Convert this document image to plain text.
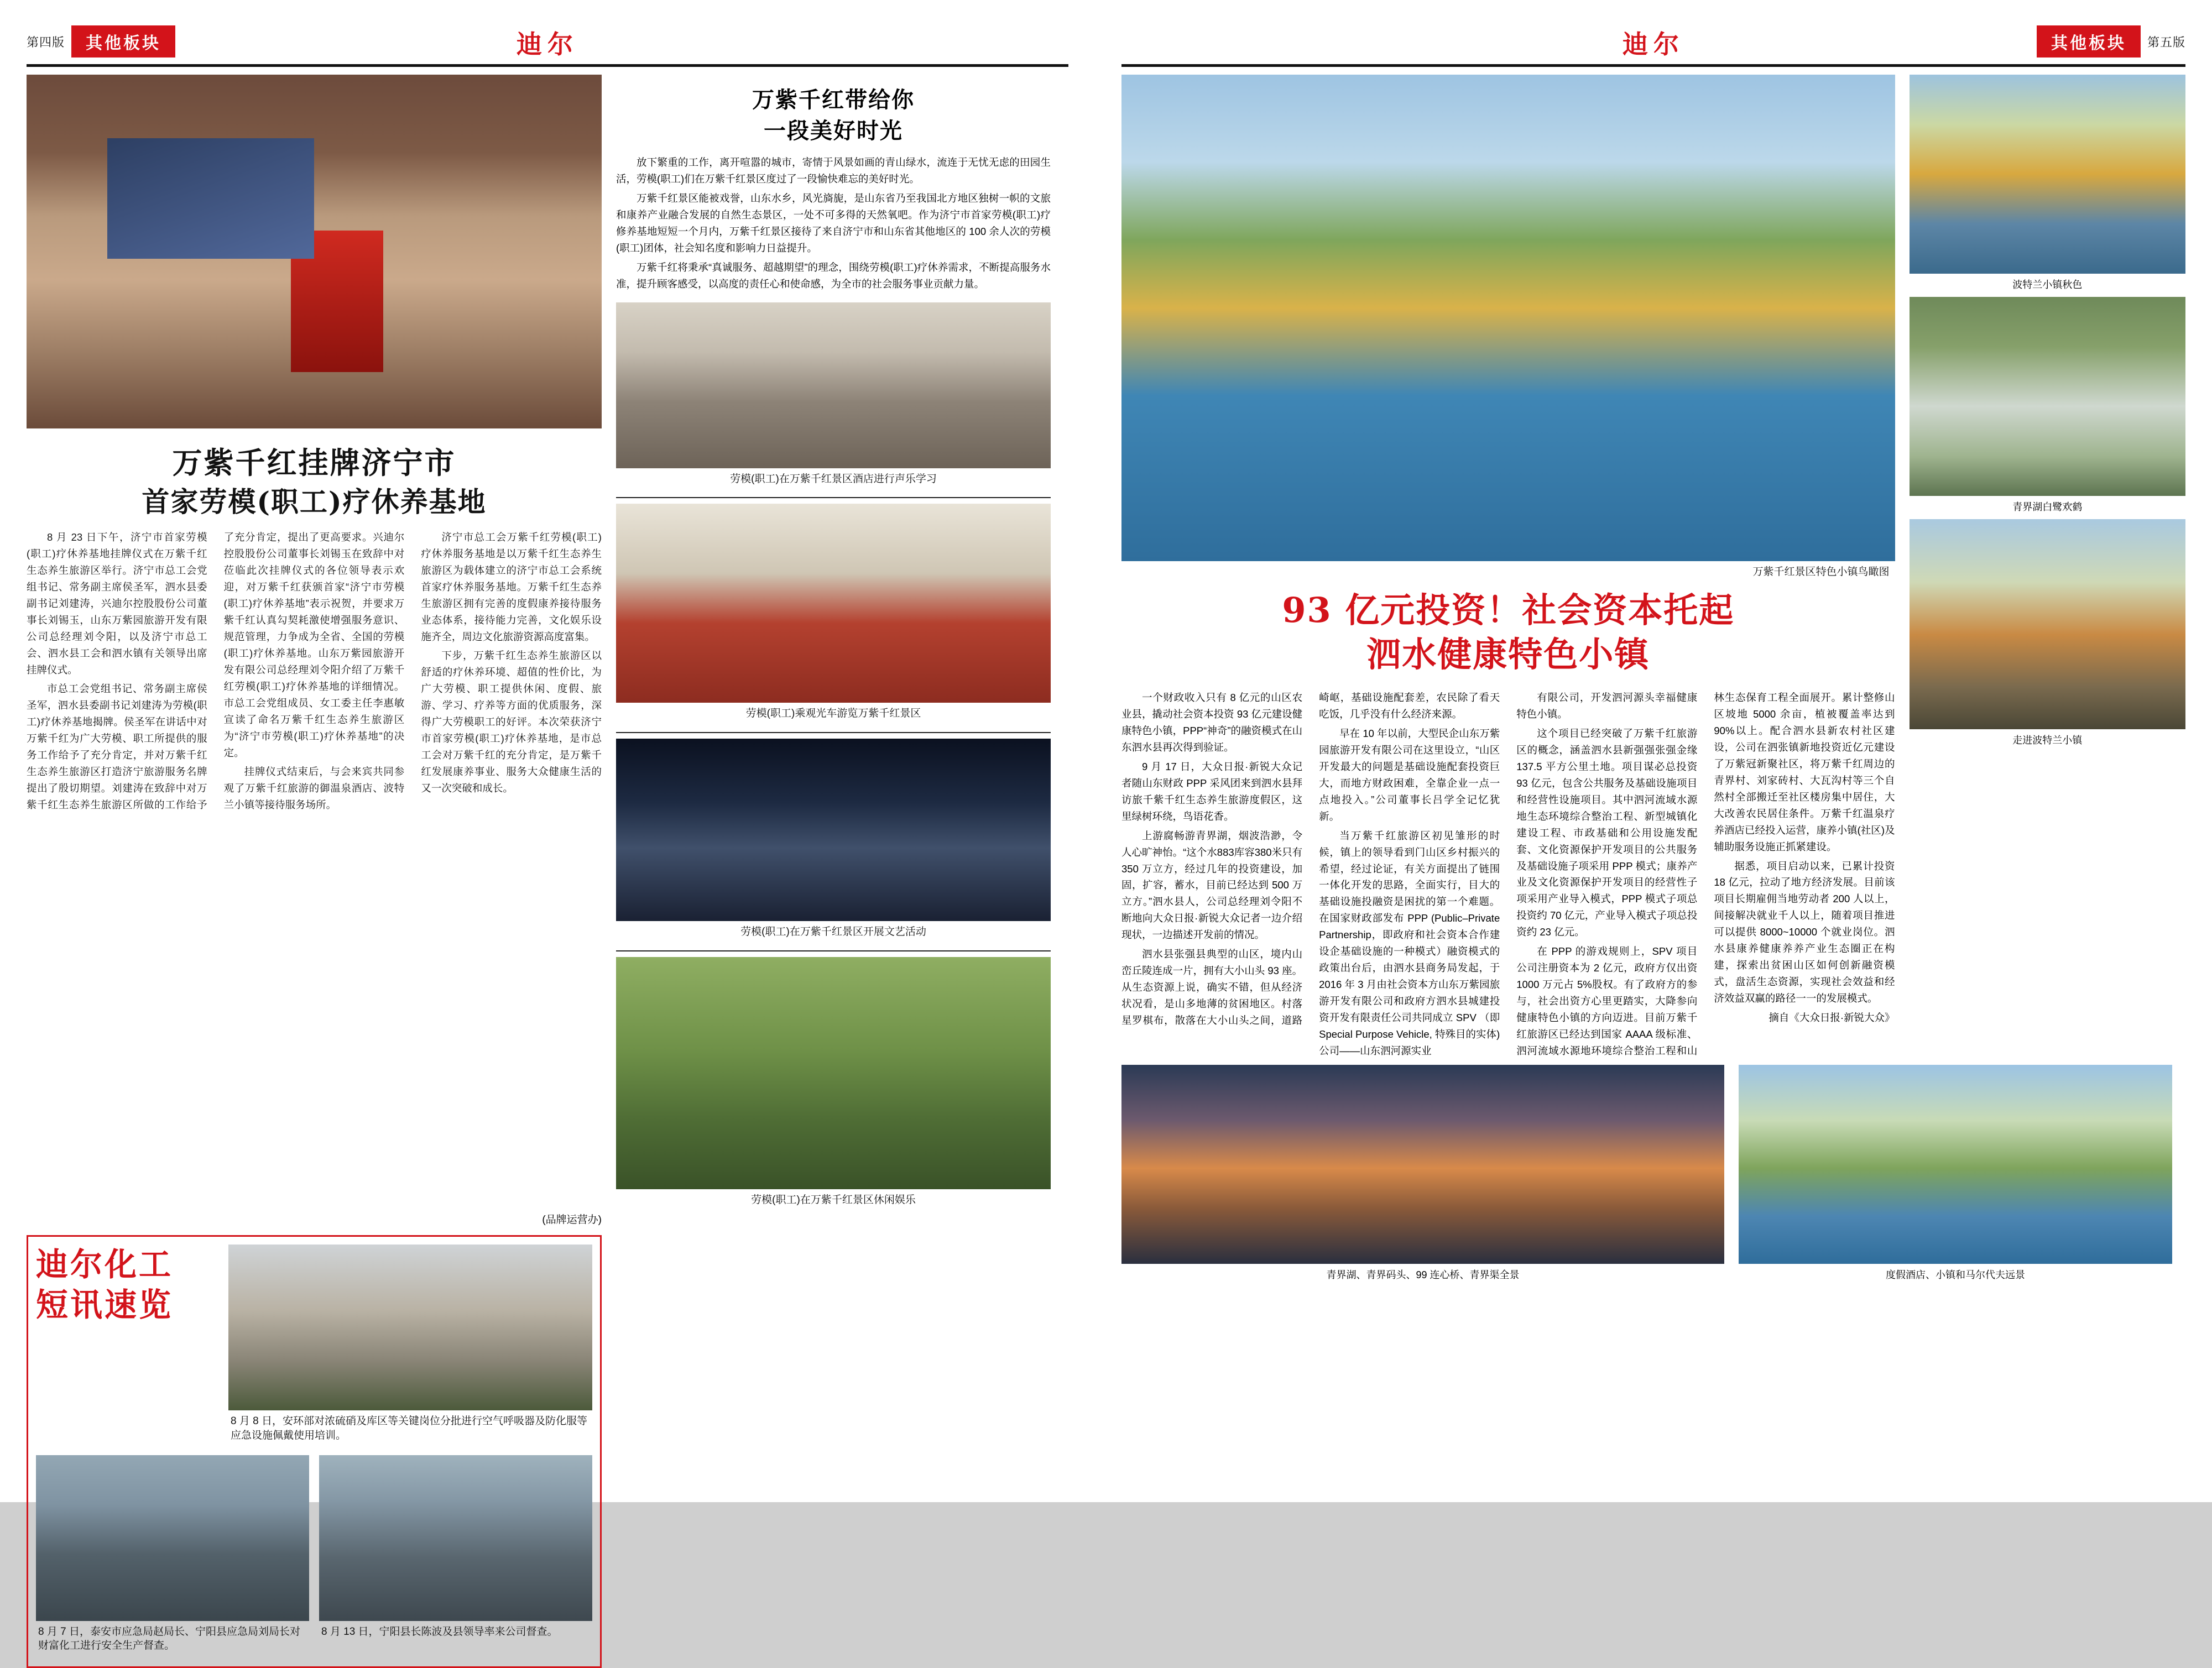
第四版	其他板块	迪尔
万紫千红挂牌济宁市
首家劳模(职工)疗休养基地

8 月 23 日下午，济宁市首家劳模(职工)疗休养基地挂牌仪式在万紫千红生态养生旅游区举行。济宁市总工会党组书记、常务副主席侯圣军，泗水县委副书记刘建涛，兴迪尔控股股份公司董事长刘锡玉，山东万紫园旅游开发有限公司总经理刘令阳，以及济宁市总工会、泗水县工会和泗水镇有关领导出席挂牌仪式。

市总工会党组书记、常务副主席侯圣军，泗水县委副书记刘建涛为劳模(职工)疗休养基地揭牌。侯圣军在讲话中对万紫千红为广大劳模、职工所提供的服务工作给予了充分肯定，并对万紫千红生态养生旅游区打造济宁旅游服务名牌提出了殷切期望。刘建涛在致辞中对万紫千红生态养生旅游区所做的工作给予了充分肯定，提出了更高要求。兴迪尔控股股份公司董事长刘锡玉在致辞中对莅临此次挂牌仪式的各位领导表示欢迎，对万紫千红获颁首家“济宁市劳模(职工)疗休养基地”表示祝贺，并要求万紫千红认真勾契耗激使增强服务意识、规范管理，力争成为全省、全国的劳模(职工)疗休养基地。山东万紫园旅游开发有限公司总经理刘令阳介绍了万紫千红劳模(职工)疗休养基地的详细情况。市总工会党组成员、女工委主任李惠敏宣读了命名万紫千红生态养生旅游区为“济宁市劳模(职工)疗休养基地”的决定。

挂牌仪式结束后，与会来宾共同参观了万紫千红旅游的御温泉酒店、波特兰小镇等接待服务场所。

济宁市总工会万紫千红劳模(职工)疗休养服务基地是以万紫千红生态养生旅游区为载体建立的济宁市总工会系统首家疗休养服务基地。万紫千红生态养生旅游区拥有完善的度假康养接待服务业态体系，接待能力完善，文化娱乐设施齐全，周边文化旅游资源高度富集。

下步，万紫千红生态养生旅游区以舒适的疗休养环境、超值的性价比，为广大劳模、职工提供休闲、度假、旅游、学习、疗养等方面的优质服务，深得广大劳模职工的好评。本次荣获济宁市首家劳模(职工)疗休养基地，是市总工会对万紫千红的充分肯定，是万紫千红发展康养事业、服务大众健康生活的又一次突破和成长。

万紫千红带给你
一段美好时光

放下繁重的工作，离开喧嚣的城市，寄情于风景如画的青山绿水，流连于无忧无虑的田园生活，劳模(职工)们在万紫千红景区度过了一段愉快难忘的美好时光。

万紫千红景区能被戏誉，山东水乡，风光旖旎，是山东省乃至我国北方地区独树一帜的文旅和康养产业融合发展的自然生态景区，一处不可多得的天然氧吧。作为济宁市首家劳模(职工)疗修养基地短短一个月内，万紫千红景区接待了来自济宁市和山东省其他地区的 100 余人次的劳模(职工)团体，社会知名度和影响力日益提升。

万紫千红将秉承“真诚服务、超越期望”的理念，围绕劳模(职工)疗休养需求，不断提高服务水准，提升顾客感受，以高度的责任心和使命感，为全市的社会服务事业贡献力量。

劳模(职工)在万紫千红景区酒店进行声乐学习
劳模(职工)乘观光车游览万紫千红景区
劳模(职工)在万紫千红景区开展文艺活动
劳模(职工)在万紫千红景区休闲娱乐
(品牌运营办)
迪尔化工
短讯速览
8 月 8 日，安环部对浓硫硝及库区等关键岗位分批进行空气呼吸器及防化服等应急设施佩戴使用培训。
8 月 7 日，泰安市应急局赵局长、宁阳县应急局刘局长对财富化工进行安全生产督查。
8 月 13 日，宁阳县长陈波及县领导率来公司督查。
迪尔	其他板块	第五版
万紫千红景区特色小镇鸟瞰图
93 亿元投资！社会资本托起
泗水健康特色小镇

一个财政收入只有 8 亿元的山区农业县，撬动社会资本投资 93 亿元建设健康特色小镇，PPP“神奇”的融资模式在山东泗水县再次得到验证。

9 月 17 日，大众日报·新锐大众记者随山东财政 PPP 采风团来到泗水县拜访旅千紫千红生态养生旅游度假区，这里绿树环绕，鸟语花香。

上游腐畅游青界湖，烟波浩渺，令人心旷神怡。“这个水883库容380米只有 350 万立方，经过几年的投资建设，加固，扩容，蓄水，目前已经达到 500 万立方。”泗水县人，公司总经理刘令阳不断地向大众日报·新锐大众记者一边介绍现状，一边描述开发前的情况。

泗水县张强县典型的山区，境内山峦丘陵连成一片，拥有大小山头 93 座。从生态资源上说，确实不错，但从经济状况看，是山多地薄的贫困地区。村落星罗棋布，散落在大小山头之间，道路崎岖，基础设施配套差，农民除了看天吃饭，几乎没有什么经济来源。

早在 10 年以前，大型民企山东万紫园旅游开发有限公司在这里设立，“山区开发最大的问题是基础设施配套投资巨大，而地方财政困难，全靠企业一点一点地投入。”公司董事长吕学全记忆犹新。

当万紫千红旅游区初见雏形的时候，镇上的领导看到门山区乡村振兴的希望，经过论证，有关方面提出了链围一体化开发的思路，全面实行，目大的基础设施投融资是困扰的第一个难题。在国家财政部发布 PPP (Public–Private Partnership，即政府和社会资本合作建设企基础设施的一种模式）融资模式的政策出台后，由泗水县商务局发起，于 2016 年 3 月由社会资本方山东万紫园旅游开发有限公司和政府方泗水县城建投资开发有限责任公司共同成立 SPV （即 Special Purpose Vehicle, 特殊目的实体)公司——山东泗河源实业

有限公司，开发泗河源头幸福健康特色小镇。

这个项目已经突破了万紫千红旅游区的概念，涵盖泗水县新强强张强金缘 137.5 平方公里土地。项目谋必总投资 93 亿元，包含公共服务及基础设施项目和经营性设施项目。其中泗河流域水源地生态环境综合整治工程、新型城镇化建设工程、市政基础和公用设施发配套、文化资源保护开发项目的公共服务及基础设施子项采用 PPP 模式；康养产业及文化资源保护开发项目的经营性子项采用产业导入模式，PPP 模式子项总投资约 70 亿元，产业导入模式子项总投资约 23 亿元。

在 PPP 的游戏规则上，SPV 项目公司注册资本为 2 亿元，政府方仅出资 1000 万元占 5%股权。有了政府方的参与，社会出资方心里更踏实，大降参向健康特色小镇的方向迈进。目前万紫千红旅游区已经达到国家 AAAA 级标准、泗河流域水源地环境综合整治工程和山林生态保育工程全面展开。累计整修山区坡地 5000 余亩，植被覆盖率达到 90%以上。配合泗水县新农村社区建设，公司在泗张镇新地投资近亿元建设了万紫冠新聚社区，将万紫千红周边的青界村、刘家砖村、大瓦沟村等三个自然村全部搬迁至社区楼房集中居住，大大改善农民居住条件。万紫千红温泉疗养酒店已经投入运营，康养小镇(社区)及辅助服务设施正抓紧建设。

据悉，项目启动以来，已累计投资 18 亿元，拉动了地方经济发展。目前该项目长期雇佣当地劳动者 200 人以上，间接解决就业千人以上，随着项目推进可以提供 8000~10000 个就业岗位。泗水县康养健康养养产业生态圈正在构建，探索出贫困山区如何创新融资模式，盘活生态资源，实现社会效益和经济效益双赢的路径一一的发展模式。

摘自《大众日报·新锐大众》

波特兰小镇秋色
青界湖白鹭欢鹤
走进波特兰小镇
青界湖、青界码头、99 连心桥、青界渠全景	度假酒店、小镇和马尔代夫远景
